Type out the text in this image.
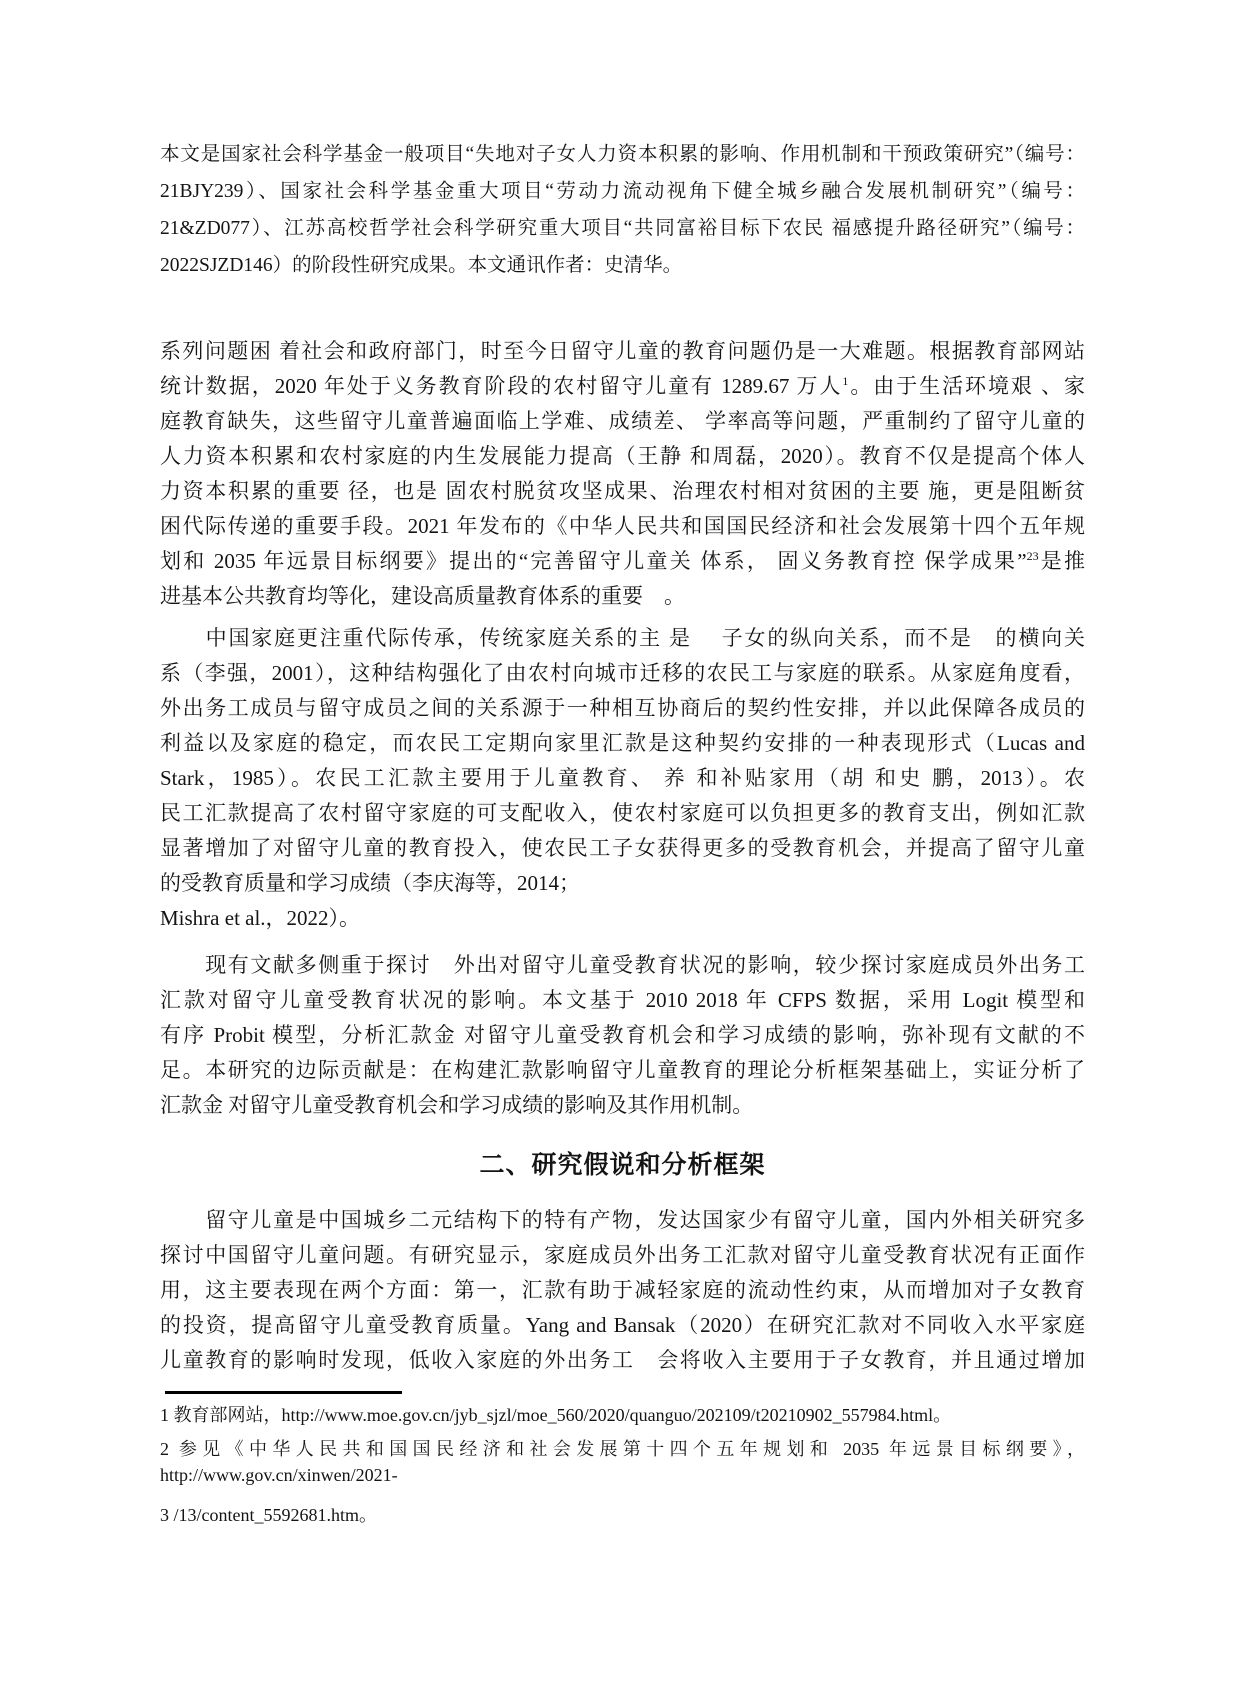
本文是国家社会科学基金一般项目“失地对子女人力资本积累的影响、作用机制和干预政策研究”（编号：
21BJY239）、国家社会科学基金重大项目“劳动力流动视角下健全城乡融合发展机制研究”（编号：
21&ZD077）、江苏高校哲学社会科学研究重大项目“共同富裕目标下农民 福感提升路径研究”（编号：
2022SJZD146）的阶段性研究成果。本文通讯作者：史清华。
系列问题困 着社会和政府部门，时至今日留守儿童的教育问题仍是一大难题。根据教育部网站
统计数据，2020 年处于义务教育阶段的农村留守儿童有 1289.67 万人$^1$。由于生活环境艰 、家
庭教育缺失，这些留守儿童普遍面临上学难、成绩差、 学率高等问题，严重制约了留守儿童的
人力资本积累和农村家庭的内生发展能力提高（王静 和周磊，2020）。教育不仅是提高个体人
力资本积累的重要 径，也是 固农村脱贫攻坚成果、治理农村相对贫困的主要 施，更是阻断贫
困代际传递的重要手段。2021 年发布的《中华人民共和国国民经济和社会发展第十四个五年规
划和 2035 年远景目标纲要》提出的“完善留守儿童关 体系， 固义务教育控 保学成果”$^{23}$是推
进基本公共教育均等化，建设高质量教育体系的重要　。
　　中国家庭更注重代际传承，传统家庭关系的主 是　 子女的纵向关系，而不是　的横向关
系（李强，2001），这种结构强化了由农村向城市迁移的农民工与家庭的联系。从家庭角度看，
外出务工成员与留守成员之间的关系源于一种相互协商后的契约性安排，并以此保障各成员的
利益以及家庭的稳定，而农民工定期向家里汇款是这种契约安排的一种表现形式（Lucas and
Stark，1985）。农民工汇款主要用于儿童教育、 养 和补贴家用（胡 和史 鹏，2013）。农
民工汇款提高了农村留守家庭的可支配收入，使农村家庭可以负担更多的教育支出，例如汇款
显著增加了对留守儿童的教育投入，使农民工子女获得更多的受教育机会，并提高了留守儿童
的受教育质量和学习成绩（李庆海等，2014；
Mishra et al.，2022）。
　　现有文献多侧重于探讨　外出对留守儿童受教育状况的影响，较少探讨家庭成员外出务工
汇款对留守儿童受教育状况的影响。本文基于 2010 2018 年 CFPS 数据，采用 Logit 模型和
有序 Probit 模型，分析汇款金 对留守儿童受教育机会和学习成绩的影响，弥补现有文献的不
足。本研究的边际贡献是：在构建汇款影响留守儿童教育的理论分析框架基础上，实证分析了
汇款金 对留守儿童受教育机会和学习成绩的影响及其作用机制。
二、研究假说和分析框架
　　留守儿童是中国城乡二元结构下的特有产物，发达国家少有留守儿童，国内外相关研究多
探讨中国留守儿童问题。有研究显示，家庭成员外出务工汇款对留守儿童受教育状况有正面作
用，这主要表现在两个方面：第一，汇款有助于减轻家庭的流动性约束，从而增加对子女教育
的投资，提高留守儿童受教育质量。Yang and Bansak（2020）在研究汇款对不同收入水平家庭
儿童教育的影响时发现，低收入家庭的外出务工　会将收入主要用于子女教育，并且通过增加
1 教育部网站，http://www.moe.gov.cn/jyb_sjzl/moe_560/2020/quanguo/202109/t20210902_557984.html。
2 参见《中华人民共和国国民经济和社会发展第十四个五年规划和 2035 年远景目标纲要》，
http://www.gov.cn/xinwen/2021-
3 /13/content_5592681.htm。
